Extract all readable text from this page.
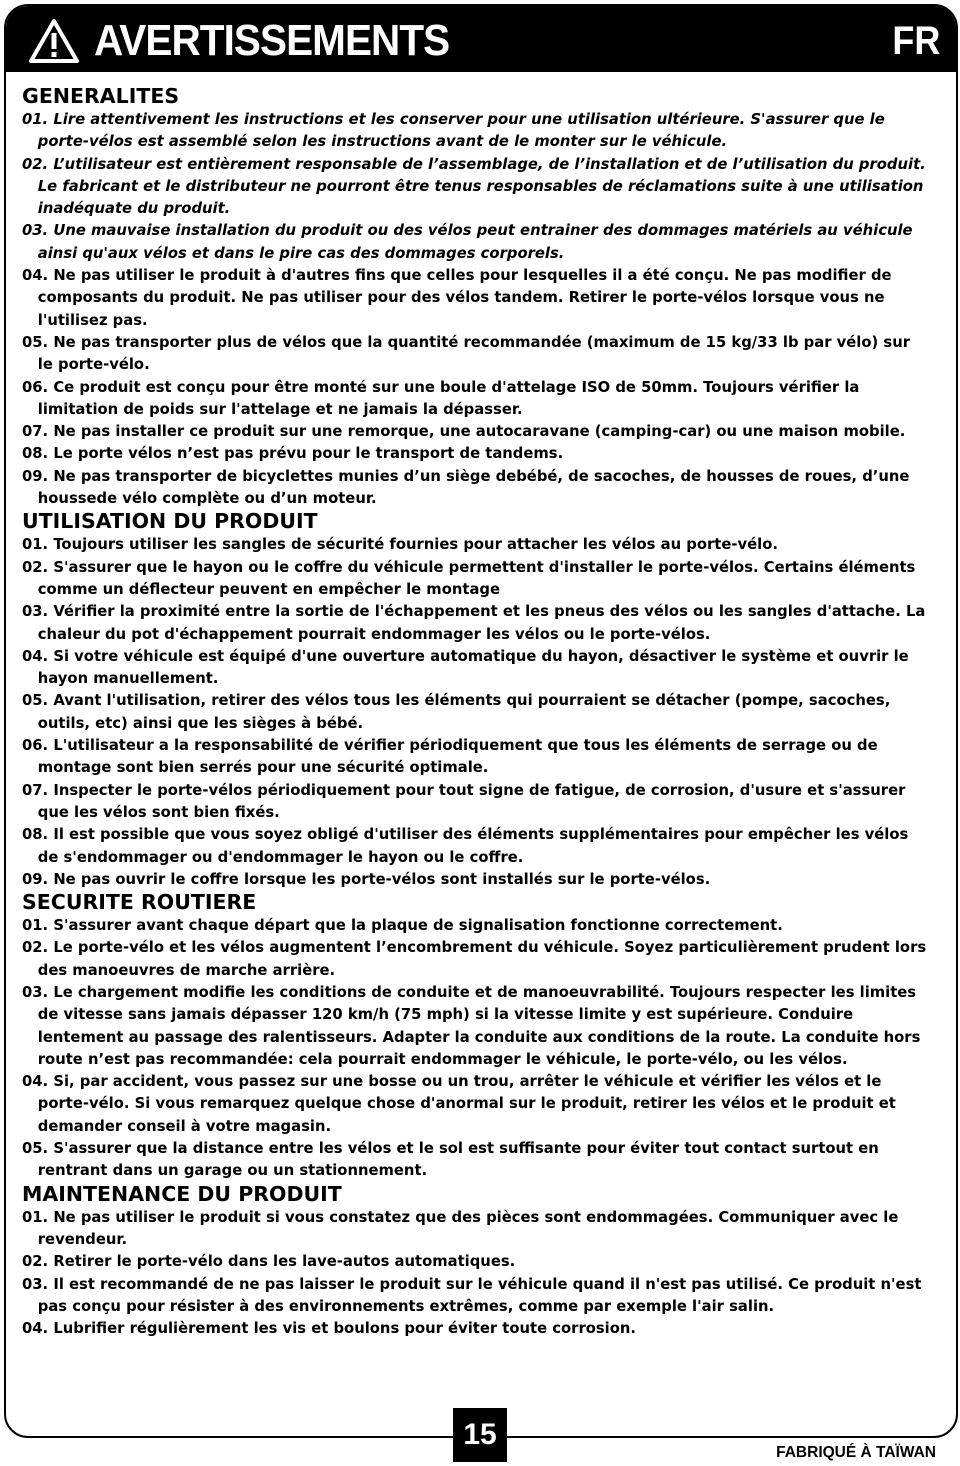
AVERTISSEMENTS	FR
GENERALITES
01. Lire attentivement les instructions et les conserver pour une utilisation ultérieure. S'assurer que le porte-vélos est assemblé selon les instructions avant de le monter sur le véhicule.
02. L’utilisateur est entièrement responsable de l’assemblage, de l’installation et de l’utilisation du produit. Le fabricant et le distributeur ne pourront être tenus responsables de réclamations suite à une utilisation inadéquate du produit.
03. Une mauvaise installation du produit ou des vélos peut entrainer des dommages matériels au véhicule ainsi qu'aux vélos et dans le pire cas des dommages corporels.
04. Ne pas utiliser le produit à d'autres fins que celles pour lesquelles il a été conçu. Ne pas modifier de composants du produit. Ne pas utiliser pour des vélos tandem. Retirer le porte-vélos lorsque vous ne l'utilisez pas.
05. Ne pas transporter plus de vélos que la quantité recommandée (maximum de 15 kg/33 lb par vélo) sur le porte-vélo.
06. Ce produit est conçu pour être monté sur une boule d'attelage ISO de 50mm. Toujours vérifier la limitation de poids sur l'attelage et ne jamais la dépasser.
07. Ne pas installer ce produit sur une remorque, une autocaravane (camping-car) ou une maison mobile.
08. Le porte vélos n’est pas prévu pour le transport de tandems.
09. Ne pas transporter de bicyclettes munies d’un siège debébé, de sacoches, de housses de roues, d’une houssede vélo complète ou d’un moteur.
UTILISATION DU PRODUIT
01. Toujours utiliser les sangles de sécurité fournies pour attacher les vélos au porte-vélo.
02. S'assurer que le hayon ou le coffre du véhicule permettent d'installer le porte-vélos. Certains éléments comme un déflecteur peuvent en empêcher le montage
03. Vérifier la proximité entre la sortie de l'échappement et les pneus des vélos ou les sangles d'attache. La chaleur du pot d'échappement pourrait endommager les vélos ou le porte-vélos.
04. Si votre véhicule est équipé d'une ouverture automatique du hayon, désactiver le système et ouvrir le hayon manuellement.
05. Avant l'utilisation, retirer des vélos tous les éléments qui pourraient se détacher (pompe, sacoches, outils, etc) ainsi que les sièges à bébé.
06. L'utilisateur a la responsabilité de vérifier périodiquement que tous les éléments de serrage ou de montage sont bien serrés pour une sécurité optimale.
07. Inspecter le porte-vélos périodiquement pour tout signe de fatigue, de corrosion, d'usure et s'assurer que les vélos sont bien fixés.
08. Il est possible que vous soyez obligé d'utiliser des éléments supplémentaires pour empêcher les vélos de s'endommager ou d'endommager le hayon ou le coffre.
09. Ne pas ouvrir le coffre lorsque les porte-vélos sont installés sur le porte-vélos.
SECURITE ROUTIERE
01. S'assurer avant chaque départ que la plaque de signalisation fonctionne correctement.
02. Le porte-vélo et les vélos augmentent l’encombrement du véhicule. Soyez particulièrement prudent lors des manoeuvres de marche arrière.
03. Le chargement modifie les conditions de conduite et de manoeuvrabilité. Toujours respecter les limites de vitesse sans jamais dépasser 120 km/h (75 mph) si la vitesse limite y est supérieure. Conduire lentement au passage des ralentisseurs. Adapter la conduite aux conditions de la route. La conduite hors route n’est pas recommandée: cela pourrait endommager le véhicule, le porte-vélo, ou les vélos.
04. Si, par accident, vous passez sur une bosse ou un trou, arrêter le véhicule et vérifier les vélos et le porte-vélo. Si vous remarquez quelque chose d'anormal sur le produit, retirer les vélos et le produit et demander conseil à votre magasin.
05. S'assurer que la distance entre les vélos et le sol est suffisante pour éviter tout contact surtout en rentrant dans un garage ou un stationnement.
MAINTENANCE DU PRODUIT
01. Ne pas utiliser le produit si vous constatez que des pièces sont endommagées. Communiquer avec le revendeur.
02. Retirer le porte-vélo dans les lave-autos automatiques.
03. Il est recommandé de ne pas laisser le produit sur le véhicule quand il n'est pas utilisé. Ce produit n'est pas conçu pour résister à des environnements extrêmes, comme par exemple l'air salin.
04. Lubrifier régulièrement les vis et boulons pour éviter toute corrosion.
15
FABRIQUÉ À TAÏWAN
